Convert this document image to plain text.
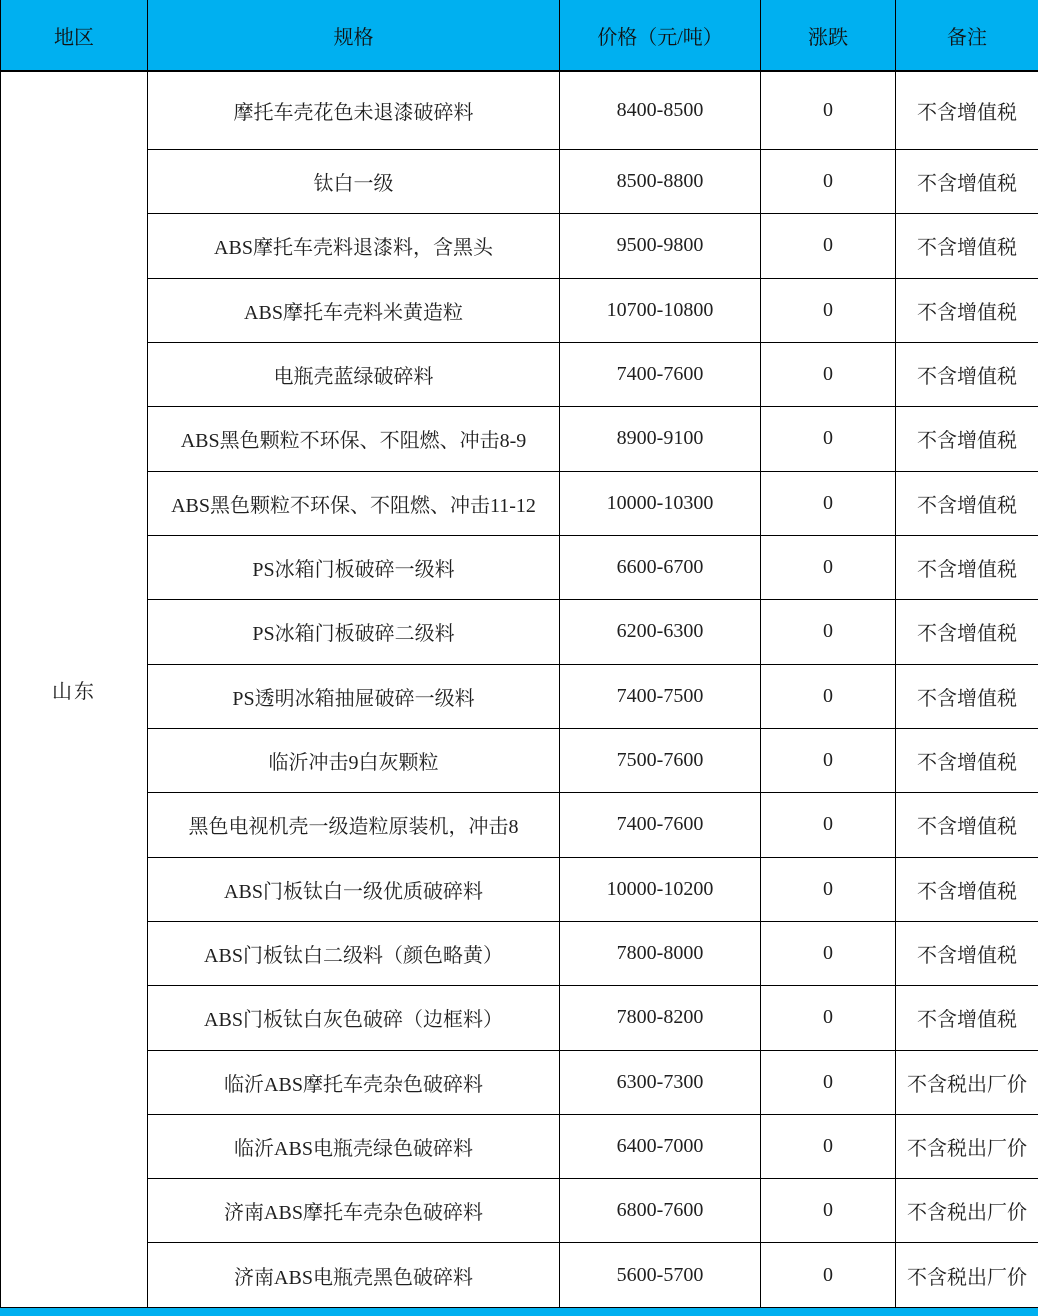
地区	规格	价格（元/吨）	涨跌	备注
山东	摩托车壳花色未退漆破碎料	8400-8500	0	不含增值税
	钛白一级	8500-8800	0	不含增值税
	ABS摩托车壳料退漆料，含黑头	9500-9800	0	不含增值税
	ABS摩托车壳料米黄造粒	10700-10800	0	不含增值税
	电瓶壳蓝绿破碎料	7400-7600	0	不含增值税
	ABS黑色颗粒不环保、不阻燃、冲击8-9	8900-9100	0	不含增值税
	ABS黑色颗粒不环保、不阻燃、冲击11-12	10000-10300	0	不含增值税
	PS冰箱门板破碎一级料	6600-6700	0	不含增值税
	PS冰箱门板破碎二级料	6200-6300	0	不含增值税
	PS透明冰箱抽屉破碎一级料	7400-7500	0	不含增值税
	临沂冲击9白灰颗粒	7500-7600	0	不含增值税
	黑色电视机壳一级造粒原装机，冲击8	7400-7600	0	不含增值税
	ABS门板钛白一级优质破碎料	10000-10200	0	不含增值税
	ABS门板钛白二级料（颜色略黄）	7800-8000	0	不含增值税
	ABS门板钛白灰色破碎（边框料）	7800-8200	0	不含增值税
	临沂ABS摩托车壳杂色破碎料	6300-7300	0	不含税出厂价
	临沂ABS电瓶壳绿色破碎料	6400-7000	0	不含税出厂价
	济南ABS摩托车壳杂色破碎料	6800-7600	0	不含税出厂价
	济南ABS电瓶壳黑色破碎料	5600-5700	0	不含税出厂价
